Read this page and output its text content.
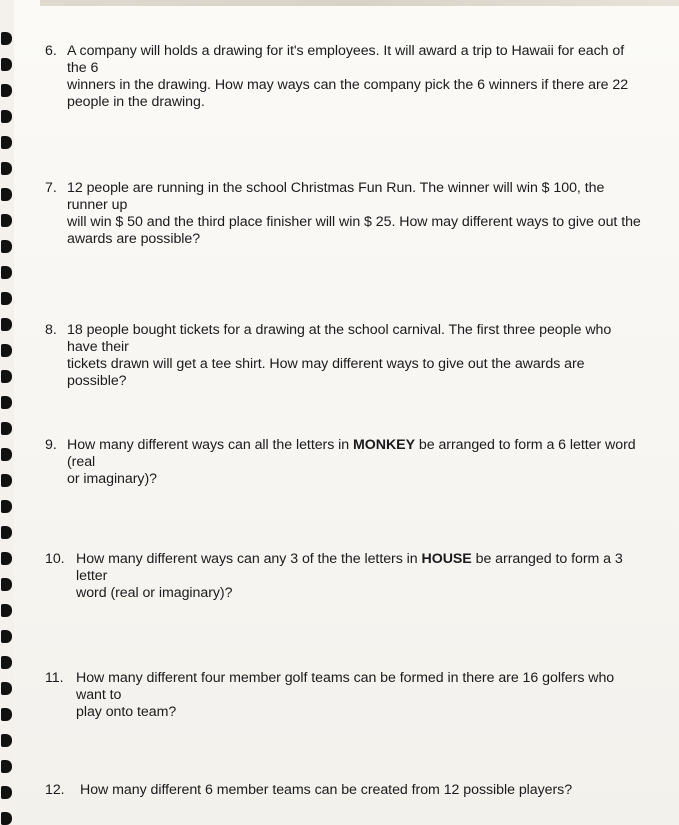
6. A company will holds a drawing for it's employees. It will award a trip to Hawaii for each of the 6
winners in the drawing. How may ways can the company pick the 6 winners if there are 22
people in the drawing.
7. 12 people are running in the school Christmas Fun Run. The winner will win $ 100, the runner up
will win $ 50 and the third place finisher will win $ 25. How may different ways to give out the
awards are possible?
8. 18 people bought tickets for a drawing at the school carnival. The first three people who have their
tickets drawn will get a tee shirt. How may different ways to give out the awards are possible?
9. How many different ways can all the letters in MONKEY be arranged to form a 6 letter word (real
or imaginary)?
10. How many different ways can any 3 of the the letters in HOUSE be arranged to form a 3 letter
word (real or imaginary)?
11. How many different four member golf teams can be formed in there are 16 golfers who want to
play onto team?
12.	How many different 6 member teams can be created from 12 possible players?
